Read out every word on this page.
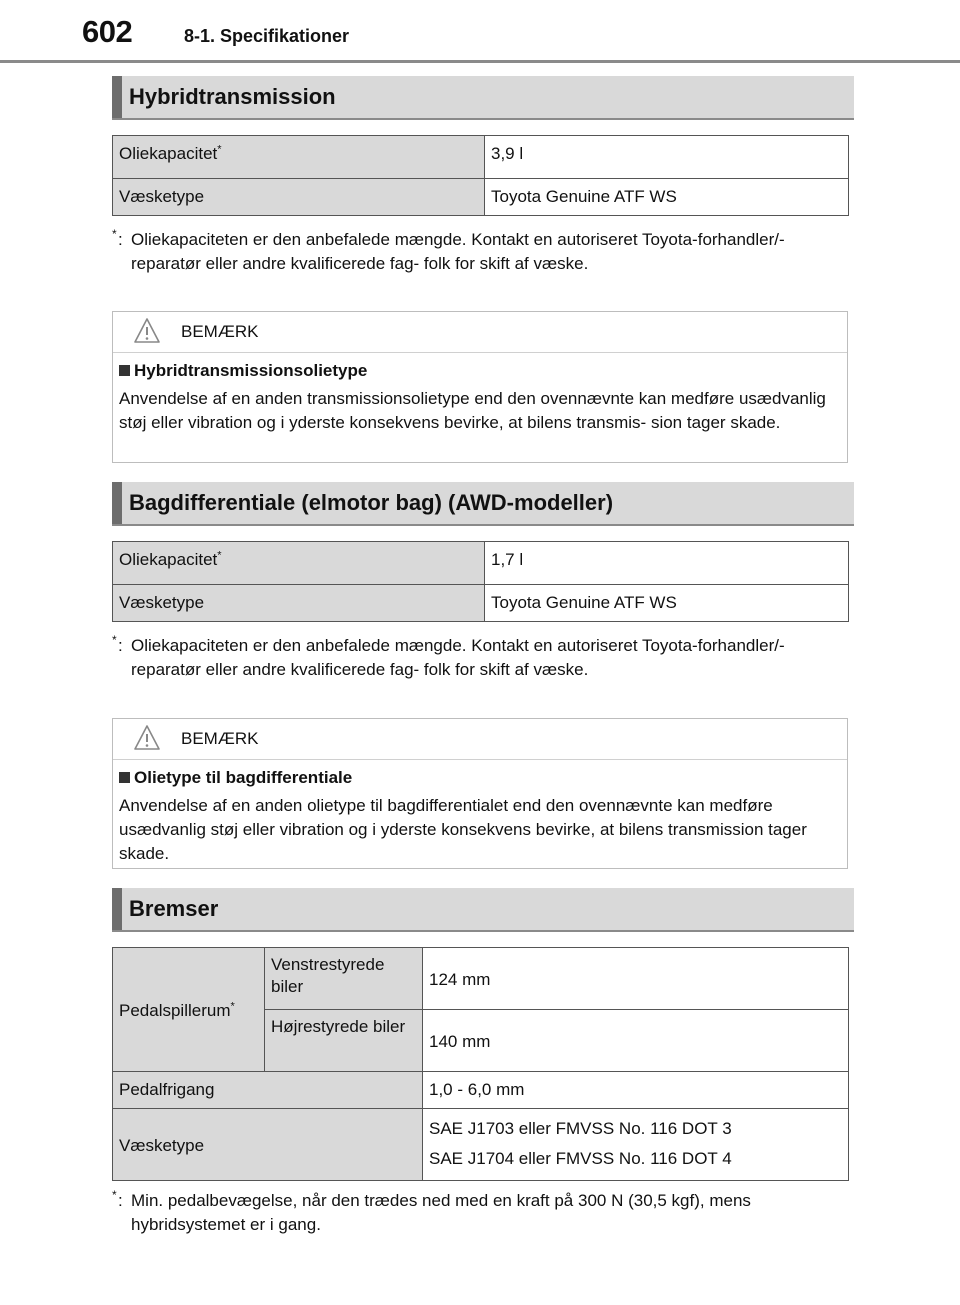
602	8-1. Specifikationer
Hybridtransmission
Oliekapacitet*	3,9 l
Væsketype	Toyota Genuine ATF WS
* : Oliekapaciteten er den anbefalede mængde. Kontakt en autoriseret Toyota-forhandler/-reparatør eller andre kvalificerede fag- folk for skift af væske.
BEMÆRK
Hybridtransmissionsolietype
Anvendelse af en anden transmissionsolietype end den ovennævnte kan medføre usædvanlig støj eller vibration og i yderste konsekvens bevirke, at bilens transmis- sion tager skade.
Bagdifferentiale (elmotor bag) (AWD-modeller)
Oliekapacitet*	1,7 l
Væsketype	Toyota Genuine ATF WS
* : Oliekapaciteten er den anbefalede mængde. Kontakt en autoriseret Toyota-forhandler/-reparatør eller andre kvalificerede fag- folk for skift af væske.
BEMÆRK
Olietype til bagdifferentiale
Anvendelse af en anden olietype til bagdifferentialet end den ovennævnte kan medføre usædvanlig støj eller vibration og i yderste konsekvens bevirke, at bilens transmission tager skade.
Bremser
Pedalspillerum*	Venstrestyrede biler	124 mm
	Højrestyrede biler	140 mm
Pedalfrigang		1,0 - 6,0 mm
Væsketype		SAE J1703 eller FMVSS No. 116 DOT 3
SAE J1704 eller FMVSS No. 116 DOT 4
* : Min. pedalbevægelse, når den trædes ned med en kraft på 300 N (30,5 kgf), mens hybridsystemet er i gang.
